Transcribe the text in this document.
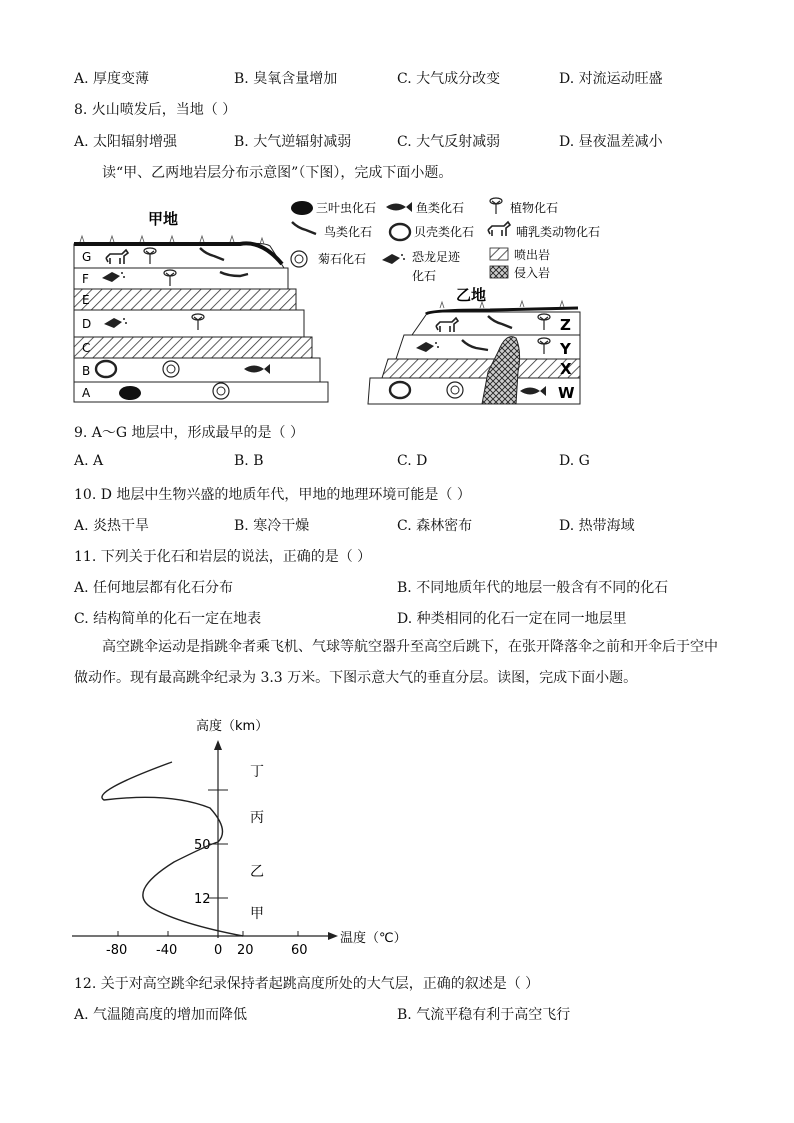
A. 厚度变薄	B. 臭氧含量增加	C. 大气成分改变	D. 对流运动旺盛
8. 火山喷发后，当地（ ）
A. 太阳辐射增强	B. 大气逆辐射减弱	C. 大气反射减弱	D. 昼夜温差减小
读“甲、乙两地岩层分布示意图”（下图），完成下面小题。
甲地
G
F
E
D
C
B
A
三叶虫化石	鱼类化石	植物化石
鸟类化石	贝壳类化石	哺乳类动物化石
菊石化石	恐龙足迹
化石
喷出岩
侵入岩
乙地
Z
Y
X
W
9. A～G 地层中，形成最早的是（ ）
A. A	B. B	C. D	D. G
10. D 地层中生物兴盛的地质年代，甲地的地理环境可能是（ ）
A. 炎热干旱	B. 寒冷干燥	C. 森林密布	D. 热带海域
11. 下列关于化石和岩层的说法，正确的是（ ）
A. 任何地层都有化石分布	B. 不同地质年代的地层一般含有不同的化石
C. 结构简单的化石一定在地表	D. 种类相同的化石一定在同一地层里
高空跳伞运动是指跳伞者乘飞机、气球等航空器升至高空后跳下，在张开降落伞之前和开伞后于空中做动作。现有最高跳伞纪录为 3.3 万米。下图示意大气的垂直分层。读图，完成下面小题。
高度（km）
温度（℃）
-80 -40	0 20	60
12
50
甲
乙
丙
丁
12. 关于对高空跳伞纪录保持者起跳高度所处的大气层，正确的叙述是（ ）
A. 气温随高度的增加而降低	B. 气流平稳有利于高空飞行
